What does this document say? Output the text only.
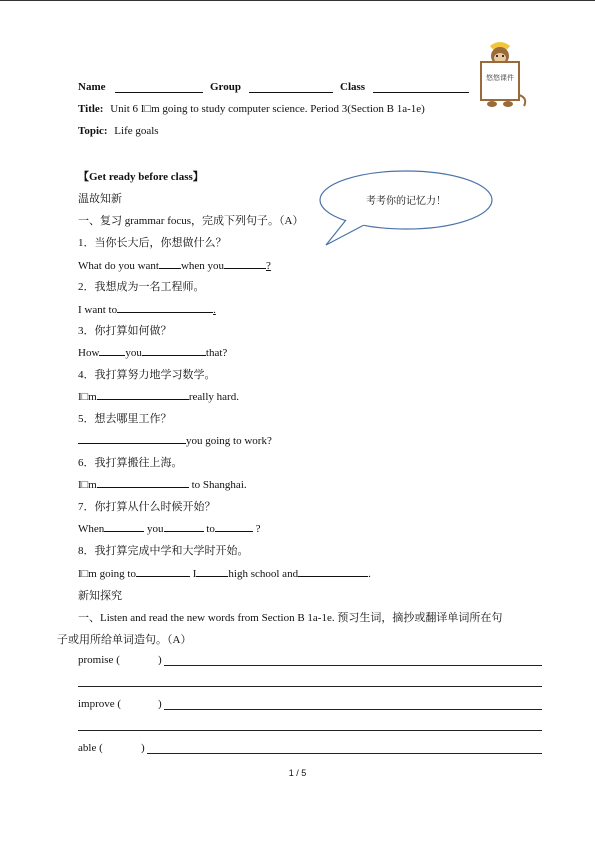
悠悠课件
Name	Group	Class
Title: Unit 6 I□m going to study computer science. Period 3(Section B 1a-1e)
Topic: Life goals
考考你的记忆力！
【Get ready before class】
温故知新
一、复习 grammar focus，完成下列句子。（A）
1．当你长大后，你想做什么？
What do you want when you	?
2．我想成为一名工程师。
I want to	.
3．你打算如何做？
How you	that?
4．我打算努力地学习数学。
I□m	really hard.
5．想去哪里工作？
you going to work?
6．我打算搬往上海。
I□m	to Shanghai.
7．你打算从什么时候开始？
When	you	to	?
8．我打算完成中学和大学时开始。
I□m going to	I	high school and	.
新知探究
一、Listen and read the new words from Section B 1a-1e. 预习生词，摘抄或翻译单词所在句
子或用所给单词造句。（A）
promise (	)
improve (	)
able (	)
1 / 5
